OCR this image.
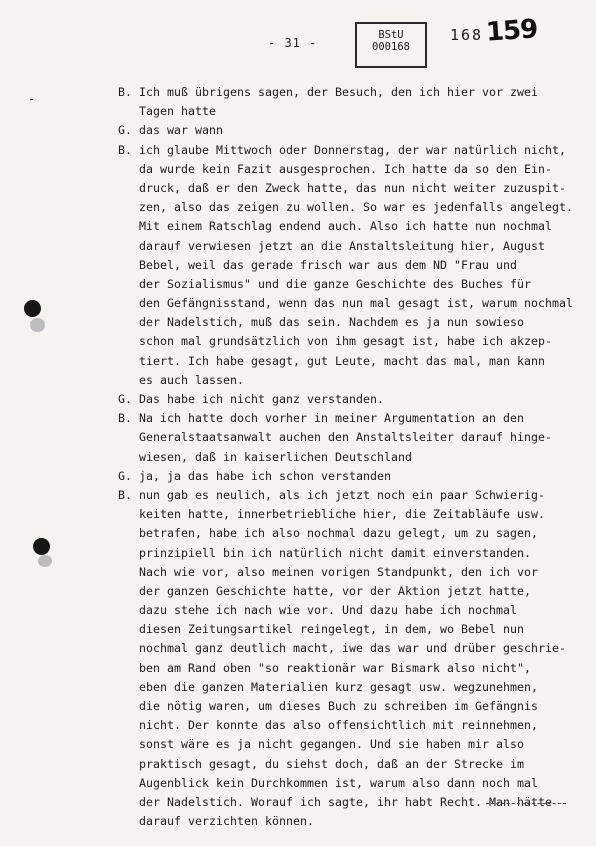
- 31 -
BStU
000168
168 159
-	B. Ich muß übrigens sagen, der Besuch, den ich hier vor zwei
Tagen hatte
G. das war wann
B. ich glaube Mittwoch oder Donnerstag, der war natürlich nicht,
da wurde kein Fazit ausgesprochen. Ich hatte da so den Ein-
druck, daß er den Zweck hatte, das nun nicht weiter zuzuspit-
zen, also das zeigen zu wollen. So war es jedenfalls angelegt.
Mit einem Ratschlag endend auch. Also ich hatte nun nochmal
darauf verwiesen jetzt an die Anstaltsleitung hier, August
Bebel, weil das gerade frisch war aus dem ND "Frau und
der Sozialismus" und die ganze Geschichte des Buches für
den Gefängnisstand, wenn das nun mal gesagt ist, warum nochmal
der Nadelstich, muß das sein. Nachdem es ja nun sowieso
schon mal grundsätzlich von ihm gesagt ist, habe ich akzep-
tiert. Ich habe gesagt, gut Leute, macht das mal, man kann
es auch lassen.
G. Das habe ich nicht ganz verstanden.
B. Na ich hatte doch vorher in meiner Argumentation an den
Generalstaatsanwalt auchen den Anstaltsleiter darauf hinge-
wiesen, daß in kaiserlichen Deutschland
G. ja, ja das habe ich schon verstanden
B. nun gab es neulich, als ich jetzt noch ein paar Schwierig-
keiten hatte, innerbetriebliche hier, die Zeitabläufe usw.
betrafen, habe ich also nochmal dazu gelegt, um zu sagen,
prinzipiell bin ich natürlich nicht damit einverstanden.
Nach wie vor, also meinen vorigen Standpunkt, den ich vor
der ganzen Geschichte hatte, vor der Aktion jetzt hatte,
dazu stehe ich nach wie vor. Und dazu habe ich nochmal
diesen Zeitungsartikel reingelegt, in dem, wo Bebel nun
nochmal ganz deutlich macht, iwe das war und drüber geschrie-
ben am Rand oben "so reaktionär war Bismark also nicht",
eben die ganzen Materialien kurz gesagt usw. wegzunehmen,
die nötig waren, um dieses Buch zu schreiben im Gefängnis
nicht. Der konnte das also offensichtlich mit reinnehmen,
sonst wäre es ja nicht gegangen. Und sie haben mir also
praktisch gesagt, du siehst doch, daß an der Strecke im
Augenblick kein Durchkommen ist, warum also dann noch mal
der Nadelstich. Worauf ich sagte, ihr habt Recht. Man hätte
darauf verzichten können.
